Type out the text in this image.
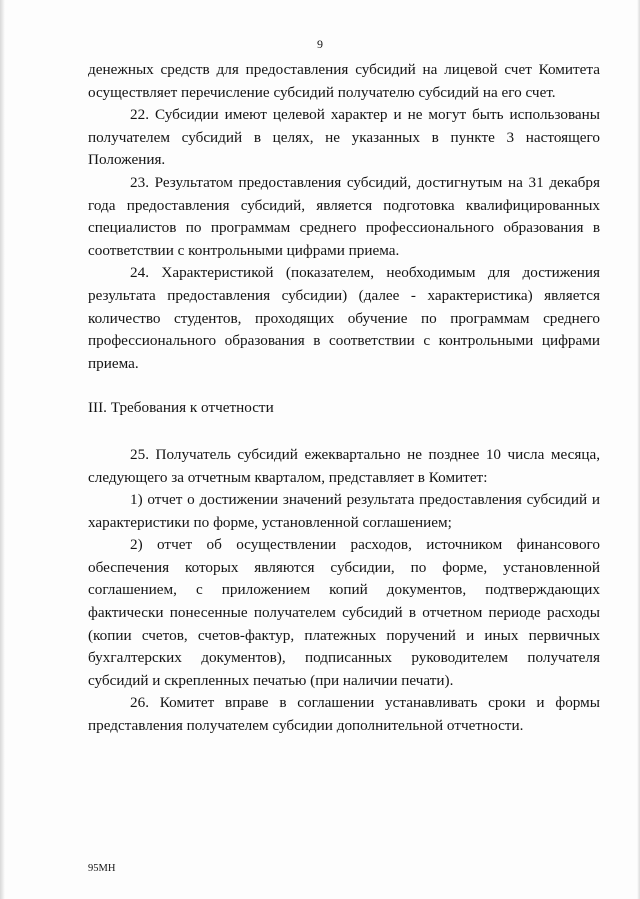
9

денежных средств для предоставления субсидий на лицевой счет Комитета осуществляет перечисление субсидий получателю субсидий на его счет.

22. Субсидии имеют целевой характер и не могут быть использованы получателем субсидий в целях, не указанных в пункте 3 настоящего Положения.

23. Результатом предоставления субсидий, достигнутым на 31 декабря года предоставления субсидий, является подготовка квалифицированных специалистов по программам среднего профессионального образования в соответствии с контрольными цифрами приема.

24. Характеристикой (показателем, необходимым для достижения результата предоставления субсидии) (далее - характеристика) является количество студентов, проходящих обучение по программам среднего профессионального образования в соответствии с контрольными цифрами приема.

III. Требования к отчетности

25. Получатель субсидий ежеквартально не позднее 10 числа месяца, следующего за отчетным кварталом, представляет в Комитет:

1) отчет о достижении значений результата предоставления субсидий и характеристики по форме, установленной соглашением;

2) отчет об осуществлении расходов, источником финансового обеспечения которых являются субсидии, по форме, установленной соглашением, с приложением копий документов, подтверждающих фактически понесенные получателем субсидий в отчетном периоде расходы (копии счетов, счетов-фактур, платежных поручений и иных первичных бухгалтерских документов), подписанных руководителем получателя субсидий и скрепленных печатью (при наличии печати).

26. Комитет вправе в соглашении устанавливать сроки и формы представления получателем субсидии дополнительной отчетности.

95МН
